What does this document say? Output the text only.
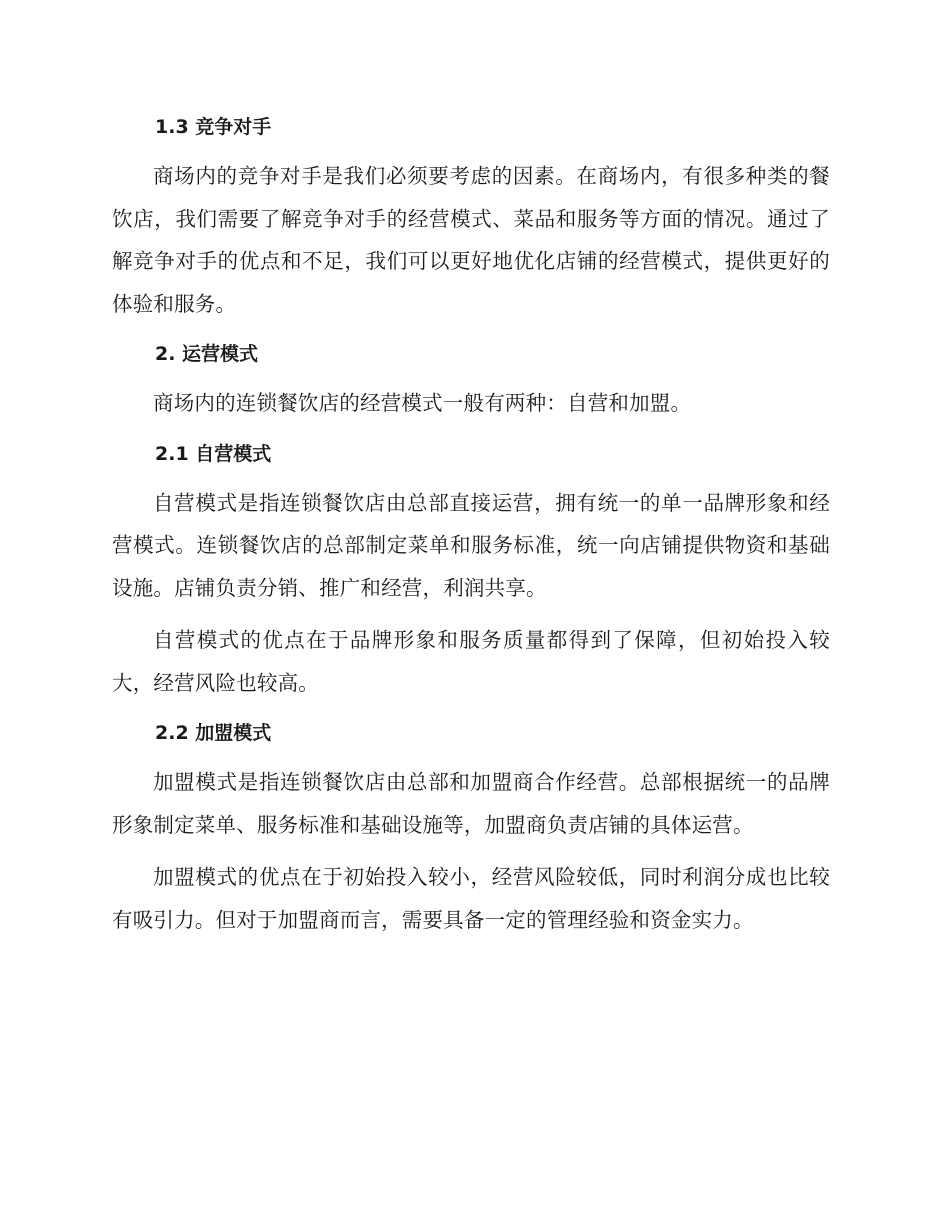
1.3 竞争对手

商场内的竞争对手是我们必须要考虑的因素。在商场内，有很多种类的餐饮店，我们需要了解竞争对手的经营模式、菜品和服务等方面的情况。通过了解竞争对手的优点和不足，我们可以更好地优化店铺的经营模式，提供更好的体验和服务。

2. 运营模式

商场内的连锁餐饮店的经营模式一般有两种：自营和加盟。

2.1 自营模式

自营模式是指连锁餐饮店由总部直接运营，拥有统一的单一品牌形象和经营模式。连锁餐饮店的总部制定菜单和服务标准，统一向店铺提供物资和基础设施。店铺负责分销、推广和经营，利润共享。

自营模式的优点在于品牌形象和服务质量都得到了保障，但初始投入较大，经营风险也较高。

2.2 加盟模式

加盟模式是指连锁餐饮店由总部和加盟商合作经营。总部根据统一的品牌形象制定菜单、服务标准和基础设施等，加盟商负责店铺的具体运营。

加盟模式的优点在于初始投入较小，经营风险较低，同时利润分成也比较有吸引力。但对于加盟商而言，需要具备一定的管理经验和资金实力。
